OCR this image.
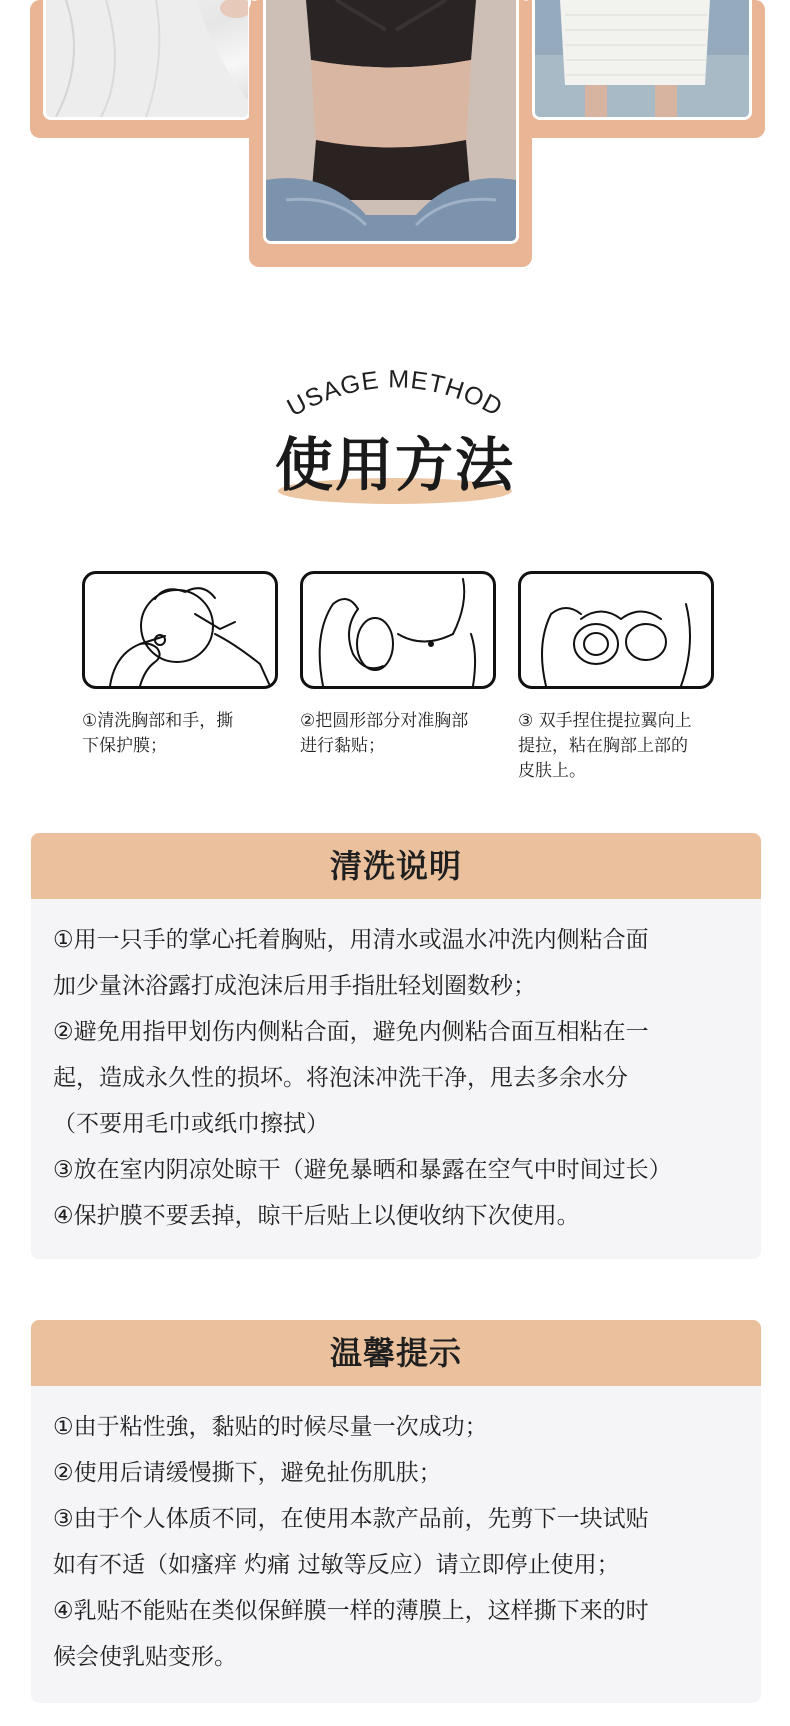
USAGE METHOD
使用方法
①清洗胸部和手，撕
下保护膜；
②把圆形部分对准胸部
进行黏贴；
③ 双手捏住提拉翼向上
提拉，粘在胸部上部的
皮肤上。
清洗说明
①用一只手的掌心托着胸贴，用清水或温水冲洗内侧粘合面
加少量沐浴露打成泡沫后用手指肚轻划圈数秒；
②避免用指甲划伤内侧粘合面，避免内侧粘合面互相粘在一
起，造成永久性的损坏。将泡沫冲洗干净，甩去多余水分
（不要用毛巾或纸巾擦拭）
③放在室内阴凉处晾干（避免暴晒和暴露在空气中时间过长）
④保护膜不要丢掉，晾干后贴上以便收纳下次使用。
温馨提示
①由于粘性強，黏贴的时候尽量一次成功；
②使用后请缓慢撕下，避免扯伤肌肤；
③由于个人体质不同，在使用本款产品前，先剪下一块试贴
如有不适（如瘙痒 灼痛 过敏等反应）请立即停止使用；
④乳贴不能贴在类似保鲜膜一样的薄膜上，这样撕下来的时
候会使乳贴变形。
